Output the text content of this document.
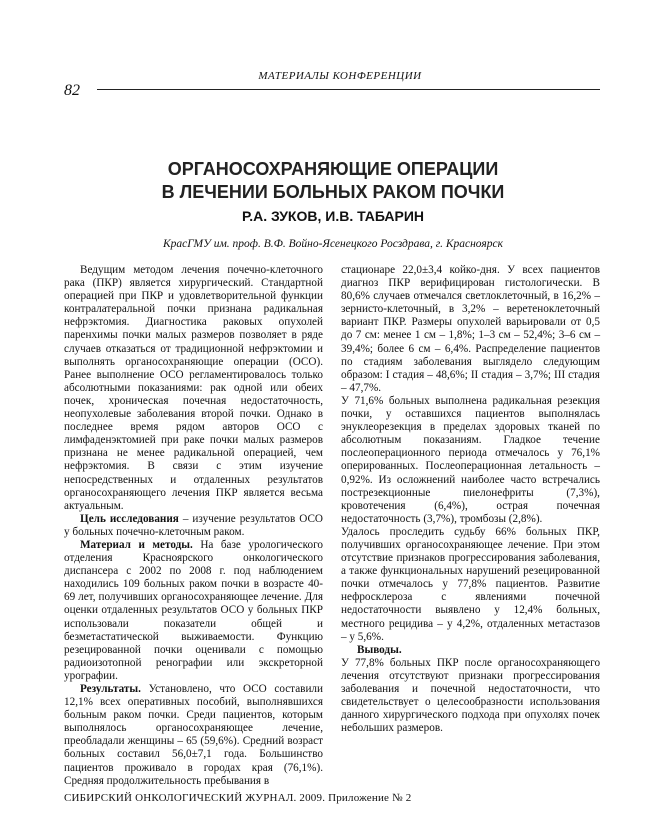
МАТЕРИАЛЫ КОНФЕРЕНЦИИ
82
ОРГАНОСОХРАНЯЮЩИЕ ОПЕРАЦИИ
В ЛЕЧЕНИИ БОЛЬНЫХ РАКОМ ПОЧКИ
Р.А. ЗУКОВ, И.В. ТАБАРИН
КрасГМУ им. проф. В.Ф. Войно-Ясенецкого Росздрава, г. Красноярск

Ведущим методом лечения почечно-клеточного рака (ПКР) является хирургический. Стандартной операцией при ПКР и удовлетворительной функции контралатеральной почки признана радикальная нефрэктомия. Диагностика раковых опухолей паренхимы почки малых размеров позволяет в ряде случаев отказаться от традиционной нефрэктомии и выполнять органосохраняющие операции (ОСО). Ранее выполнение ОСО регламентировалось только абсолютными показаниями: рак одной или обеих почек, хроническая почечная недостаточность, неопухолевые заболевания второй почки. Однако в последнее время рядом авторов ОСО с лимфаденэктомией при раке почки малых размеров признана не менее радикальной операцией, чем нефрэктомия. В связи с этим изучение непосредственных и отдаленных результатов органосохраняющего лечения ПКР является весьма актуальным.

Цель исследования – изучение результатов ОСО у больных почечно-клеточным раком.

Материал и методы. На базе урологического отделения Красноярского онкологического диспансера с 2002 по 2008 г. под наблюдением находились 109 больных раком почки в возрасте 40-69 лет, получивших органосохраняющее лечение. Для оценки отдаленных результатов ОСО у больных ПКР использовали показатели общей и безметастатической выживаемости. Функцию резецированной почки оценивали с помощью радиоизотопной ренографии или экскреторной урографии.

Результаты. Установлено, что ОСО составили 12,1% всех оперативных пособий, выполнявшихся больным раком почки. Среди пациентов, которым выполнялось органосохраняющее лечение, преобладали женщины – 65 (59,6%). Средний возраст больных составил 56,0±7,1 года. Большинство пациентов проживало в городах края (76,1%). Средняя продолжительность пребывания в

стационаре 22,0±3,4 койко-дня. У всех пациентов диагноз ПКР верифицирован гистологически. В 80,6% случаев отмечался светлоклеточный, в 16,2% – зернисто-клеточный, в 3,2% – веретеноклеточный вариант ПКР. Размеры опухолей варьировали от 0,5 до 7 см: менее 1 см – 1,8%; 1–3 см – 52,4%; 3–6 см – 39,4%; более 6 см – 6,4%. Распределение пациентов по стадиям заболевания выглядело следующим образом: I стадия – 48,6%; II стадия – 3,7%; III стадия – 47,7%.

У 71,6% больных выполнена радикальная резекция почки, у оставшихся пациентов выполнялась энуклеорезекция в пределах здоровых тканей по абсолютным показаниям. Гладкое течение послеоперационного периода отмечалось у 76,1% оперированных. Послеоперационная летальность – 0,92%. Из осложнений наиболее часто встречались пострезекционные пиелонефриты (7,3%), кровотечения (6,4%), острая почечная недостаточность (3,7%), тромбозы (2,8%).

Удалось проследить судьбу 66% больных ПКР, получивших органосохраняющее лечение. При этом отсутствие признаков прогрессирования заболевания, а также функциональных нарушений резецированной почки отмечалось у 77,8% пациентов. Развитие нефросклероза с явлениями почечной недостаточности выявлено у 12,4% больных, местного рецидива – у 4,2%, отдаленных метастазов – у 5,6%.

Выводы.

У 77,8% больных ПКР после органосохраняющего лечения отсутствуют признаки прогрессирования заболевания и почечной недостаточности, что свидетельствует о целесообразности использования данного хирургического подхода при опухолях почек небольших размеров.

СИБИРСКИЙ ОНКОЛОГИЧЕСКИЙ ЖУРНАЛ. 2009. Приложение № 2
